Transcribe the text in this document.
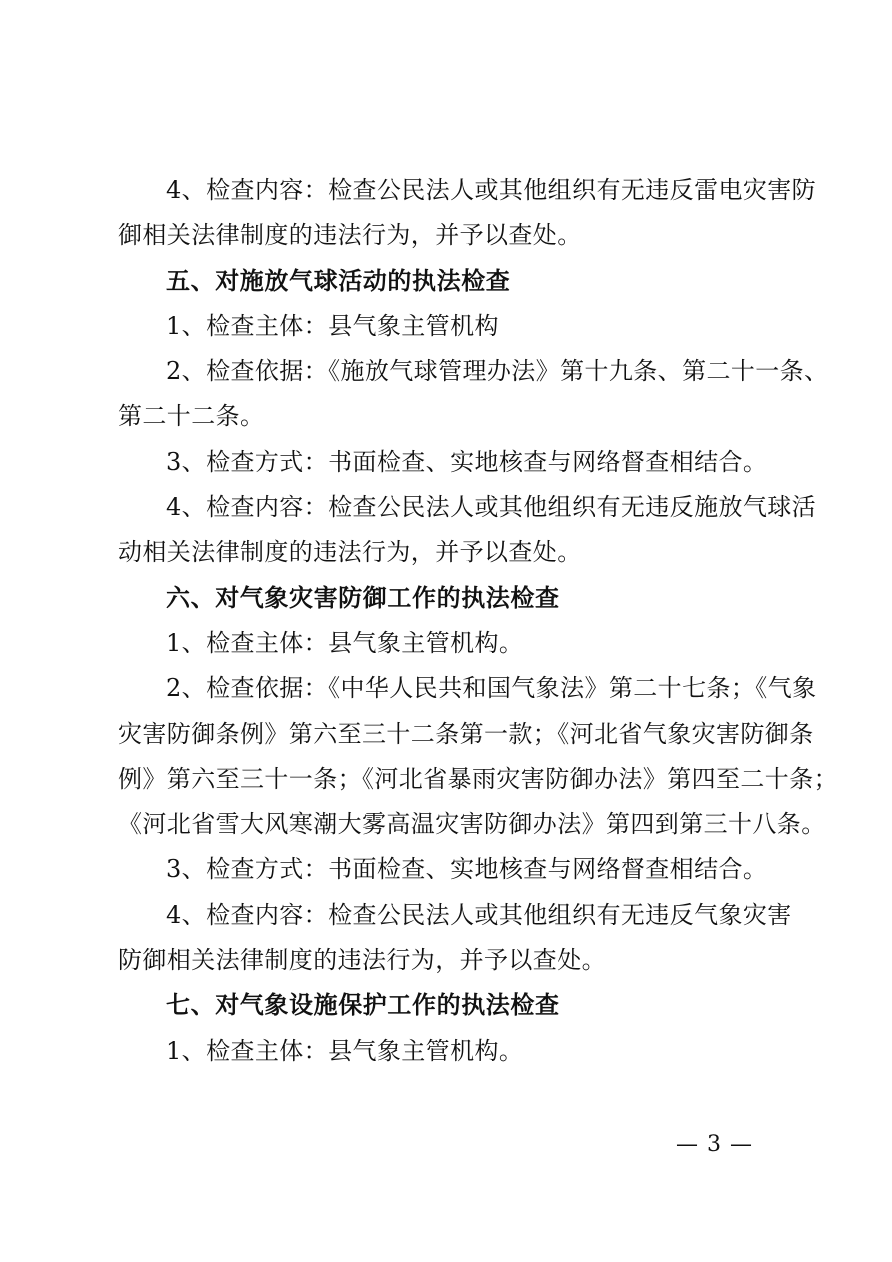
4、检查内容：检查公民法人或其他组织有无违反雷电灾害防

御相关法律制度的违法行为，并予以查处。

五、对施放气球活动的执法检查

1、检查主体：县气象主管机构

2、检查依据：《施放气球管理办法》第十九条、第二十一条、

第二十二条。

3、检查方式：书面检查、实地核查与网络督查相结合。

4、检查内容：检查公民法人或其他组织有无违反施放气球活

动相关法律制度的违法行为，并予以查处。

六、对气象灾害防御工作的执法检查

1、检查主体：县气象主管机构。

2、检查依据：《中华人民共和国气象法》第二十七条；《气象

灾害防御条例》第六至三十二条第一款；《河北省气象灾害防御条

例》第六至三十一条；《河北省暴雨灾害防御办法》第四至二十条；

《河北省雪大风寒潮大雾高温灾害防御办法》第四到第三十八条。

3、检查方式：书面检查、实地核查与网络督查相结合。

4、检查内容：检查公民法人或其他组织有无违反气象灾害

防御相关法律制度的违法行为，并予以查处。

七、对气象设施保护工作的执法检查

1、检查主体：县气象主管机构。

— 3 —
